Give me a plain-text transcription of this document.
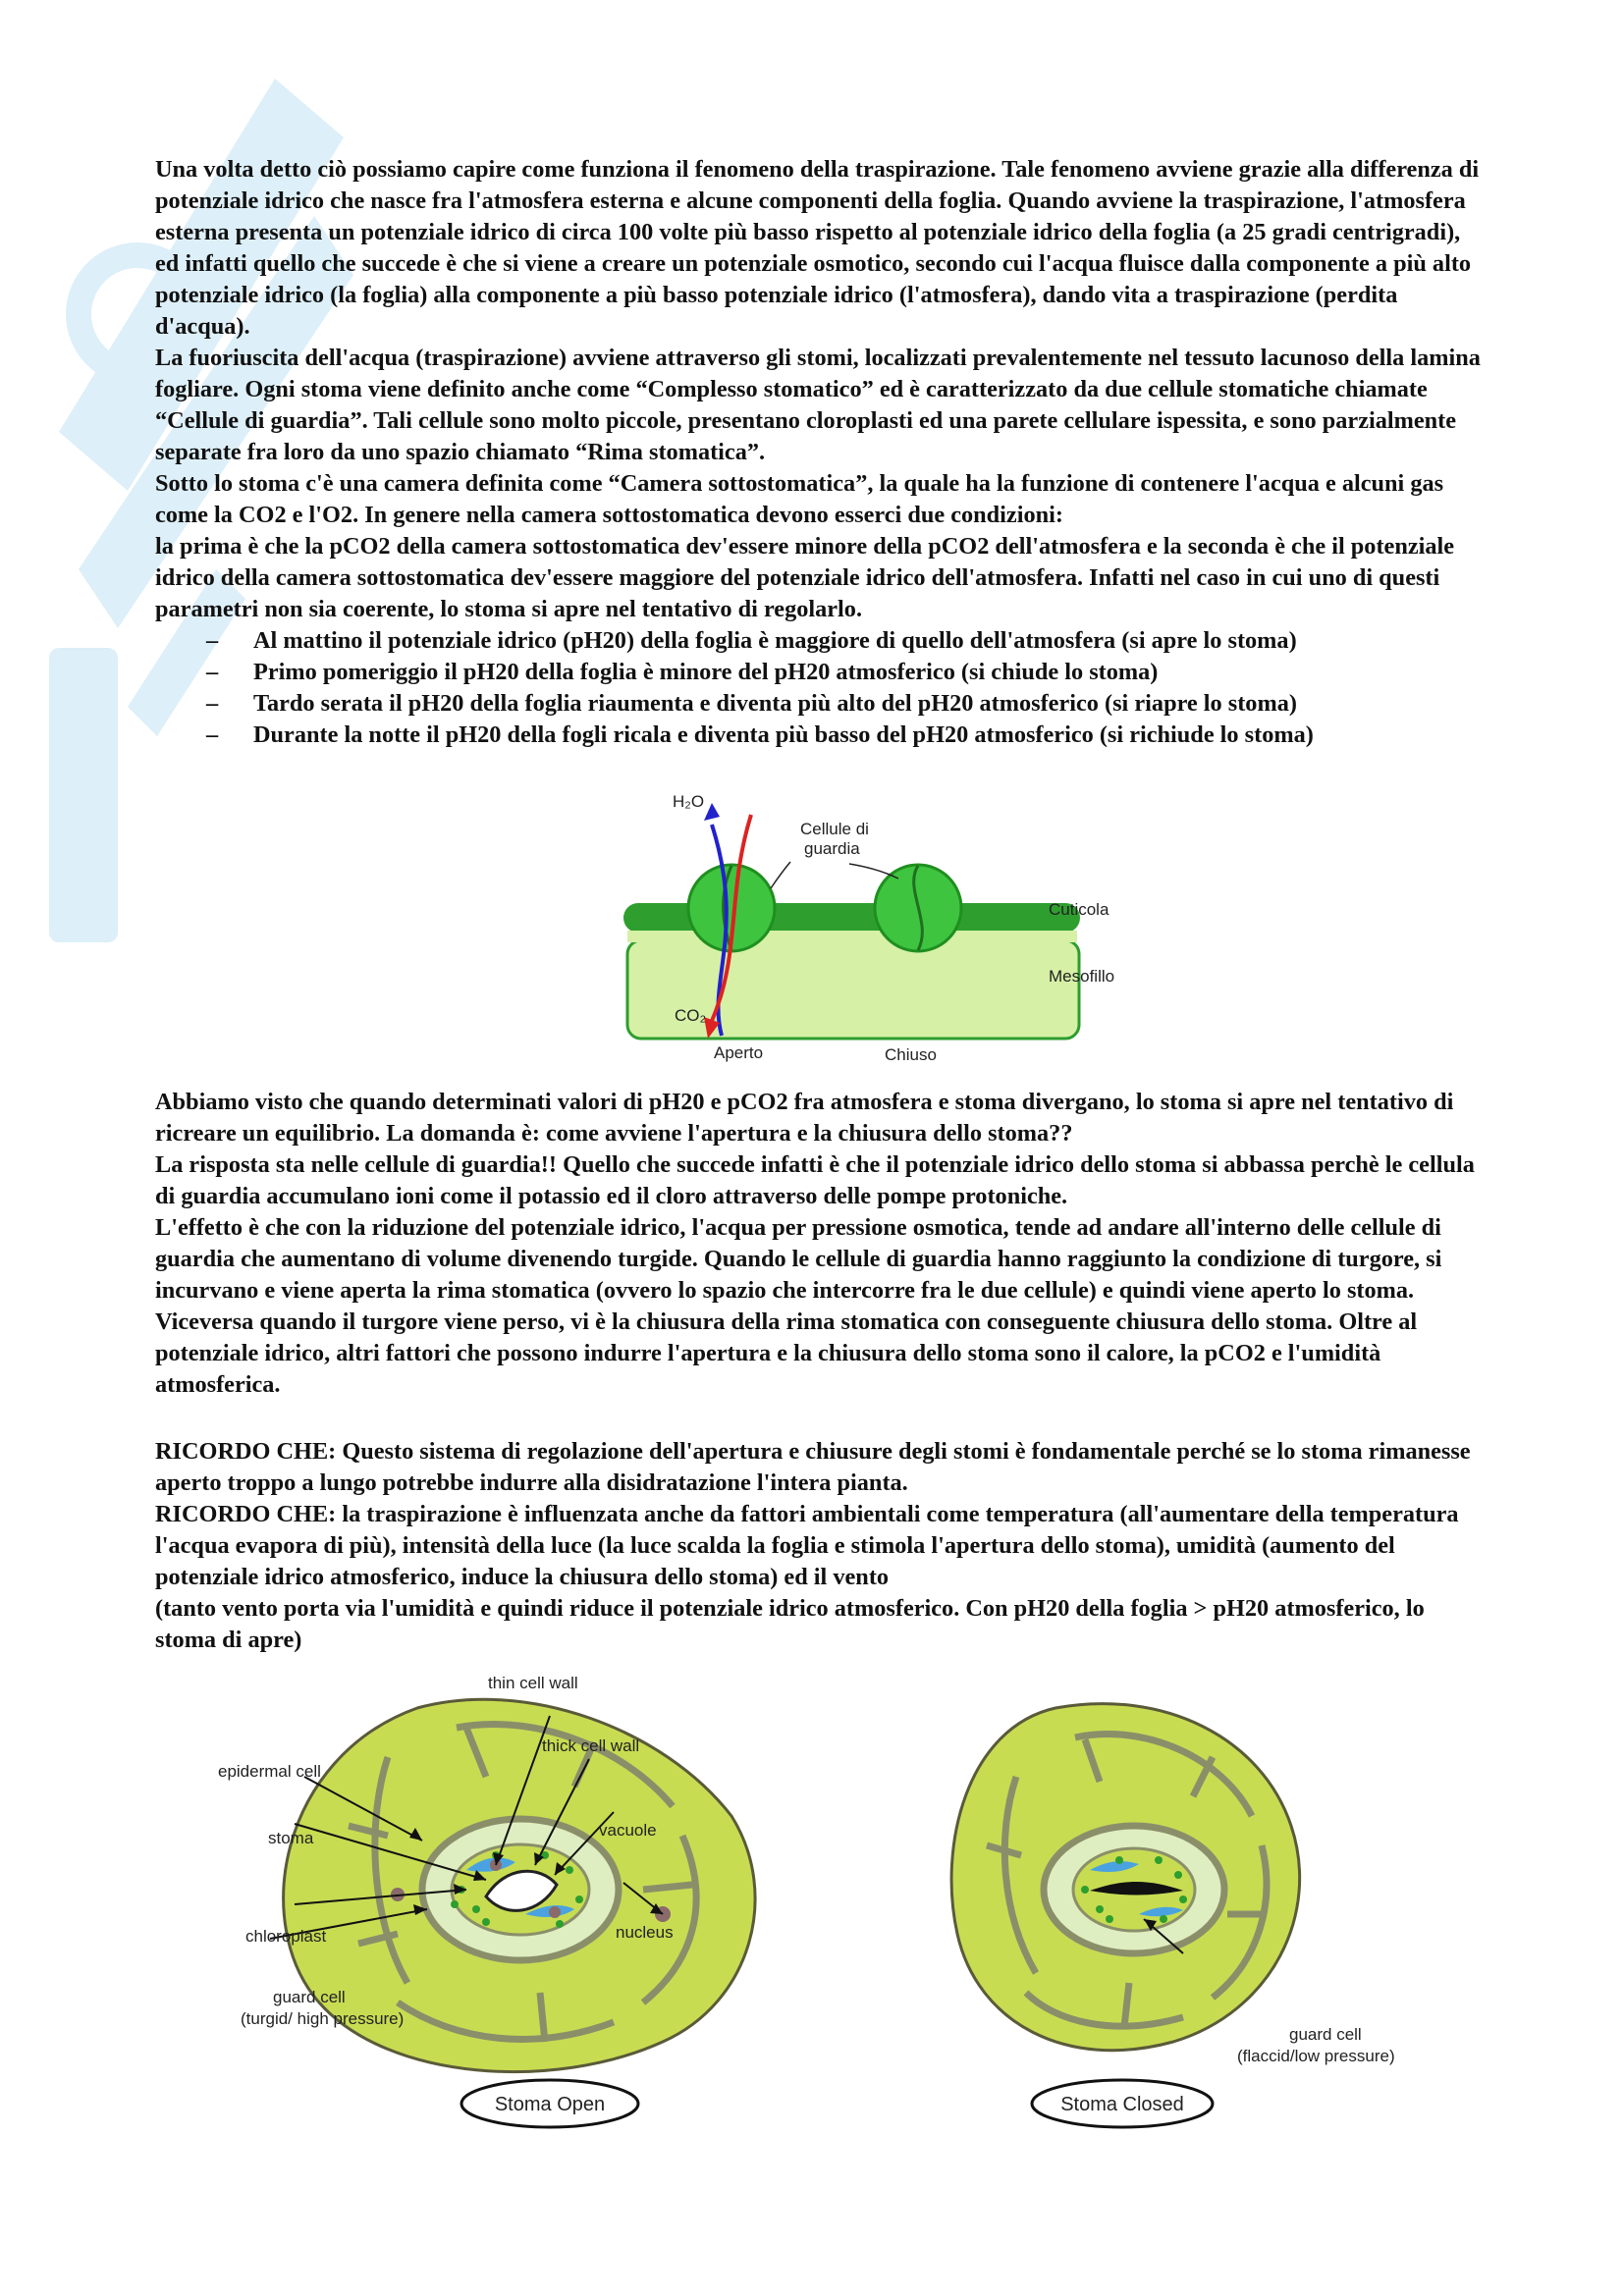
Una volta detto ciò possiamo capire come funziona il fenomeno della traspirazione. Tale fenomeno avviene grazie alla differenza di potenziale idrico che nasce fra l'atmosfera esterna e alcune componenti della foglia. Quando avviene la traspirazione, l'atmosfera esterna presenta un potenziale idrico di circa 100 volte più basso rispetto al potenziale idrico della foglia (a 25 gradi centrigradi), ed infatti quello che succede è che si viene a creare un potenziale osmotico, secondo cui l'acqua fluisce dalla componente a più alto potenziale idrico (la foglia) alla componente a più basso potenziale idrico (l'atmosfera), dando vita a traspirazione (perdita d'acqua).

La fuoriuscita dell'acqua (traspirazione) avviene attraverso gli stomi, localizzati prevalentemente nel tessuto lacunoso della lamina fogliare. Ogni stoma viene definito anche come “Complesso stomatico” ed è caratterizzato da due cellule stomatiche chiamate “Cellule di guardia”. Tali cellule sono molto piccole, presentano cloroplasti ed una parete cellulare ispessita, e sono parzialmente separate fra loro da uno spazio chiamato “Rima stomatica”.

Sotto lo stoma c'è una camera definita come “Camera sottostomatica”, la quale ha la funzione di contenere l'acqua e alcuni gas come la CO2 e l'O2. In genere nella camera sottostomatica devono esserci due condizioni:

la prima è che la pCO2 della camera sottostomatica dev'essere minore della pCO2 dell'atmosfera e la seconda è che il potenziale idrico della camera sottostomatica dev'essere maggiore del potenziale idrico dell'atmosfera. Infatti nel caso in cui uno di questi parametri non sia coerente, lo stoma si apre nel tentativo di regolarlo.

– Al mattino il potenziale idrico (pH20) della foglia è maggiore di quello dell'atmosfera (si apre lo stoma)
– Primo pomeriggio il pH20 della foglia è minore del pH20 atmosferico (si chiude lo stoma)
– Tardo serata il pH20 della foglia riaumenta e diventa più alto del pH20 atmosferico (si riapre lo stoma)
– Durante la notte il pH20 della fogli ricala e diventa più basso del pH20 atmosferico (si richiude lo stoma)
H₂O
Cellule di
guardia
Cuticola
Mesofillo
CO₂
Aperto	Chiuso

Abbiamo visto che quando determinati valori di pH20 e pCO2 fra atmosfera e stoma divergano, lo stoma si apre nel tentativo di ricreare un equilibrio. La domanda è: come avviene l'apertura e la chiusura dello stoma??

La risposta sta nelle cellule di guardia!! Quello che succede infatti è che il potenziale idrico dello stoma si abbassa perchè le cellula di guardia accumulano ioni come il potassio ed il cloro attraverso delle pompe protoniche.

L'effetto è che con la riduzione del potenziale idrico, l'acqua per pressione osmotica, tende ad andare all'interno delle cellule di guardia che aumentano di volume divenendo turgide. Quando le cellule di guardia hanno raggiunto la condizione di turgore, si incurvano e viene aperta la rima stomatica (ovvero lo spazio che intercorre fra le due cellule) e quindi viene aperto lo stoma. Viceversa quando il turgore viene perso, vi è la chiusura della rima stomatica con conseguente chiusura dello stoma. Oltre al potenziale idrico, altri fattori che possono indurre l'apertura e la chiusura dello stoma sono il calore, la pCO2 e l'umidità atmosferica.

RICORDO CHE: Questo sistema di regolazione dell'apertura e chiusure degli stomi è fondamentale perché se lo stoma rimanesse aperto troppo a lungo potrebbe indurre alla disidratazione l'intera pianta.

RICORDO CHE: la traspirazione è influenzata anche da fattori ambientali come temperatura (all'aumentare della temperatura l'acqua evapora di più), intensità della luce (la luce scalda la foglia e stimola l'apertura dello stoma), umidità (aumento del potenziale idrico atmosferico, induce la chiusura dello stoma) ed il vento

(tanto vento porta via l'umidità e quindi riduce il potenziale idrico atmosferico. Con pH20 della foglia > pH20 atmosferico, lo stoma di apre)

thin cell wall
thick cell wall
epidermal cell
stoma	vacuole
chloroplast	nucleus
guard cell
(turgid/ high pressure)
guard cell
(flaccid/low pressure)
Stoma Open	Stoma Closed
